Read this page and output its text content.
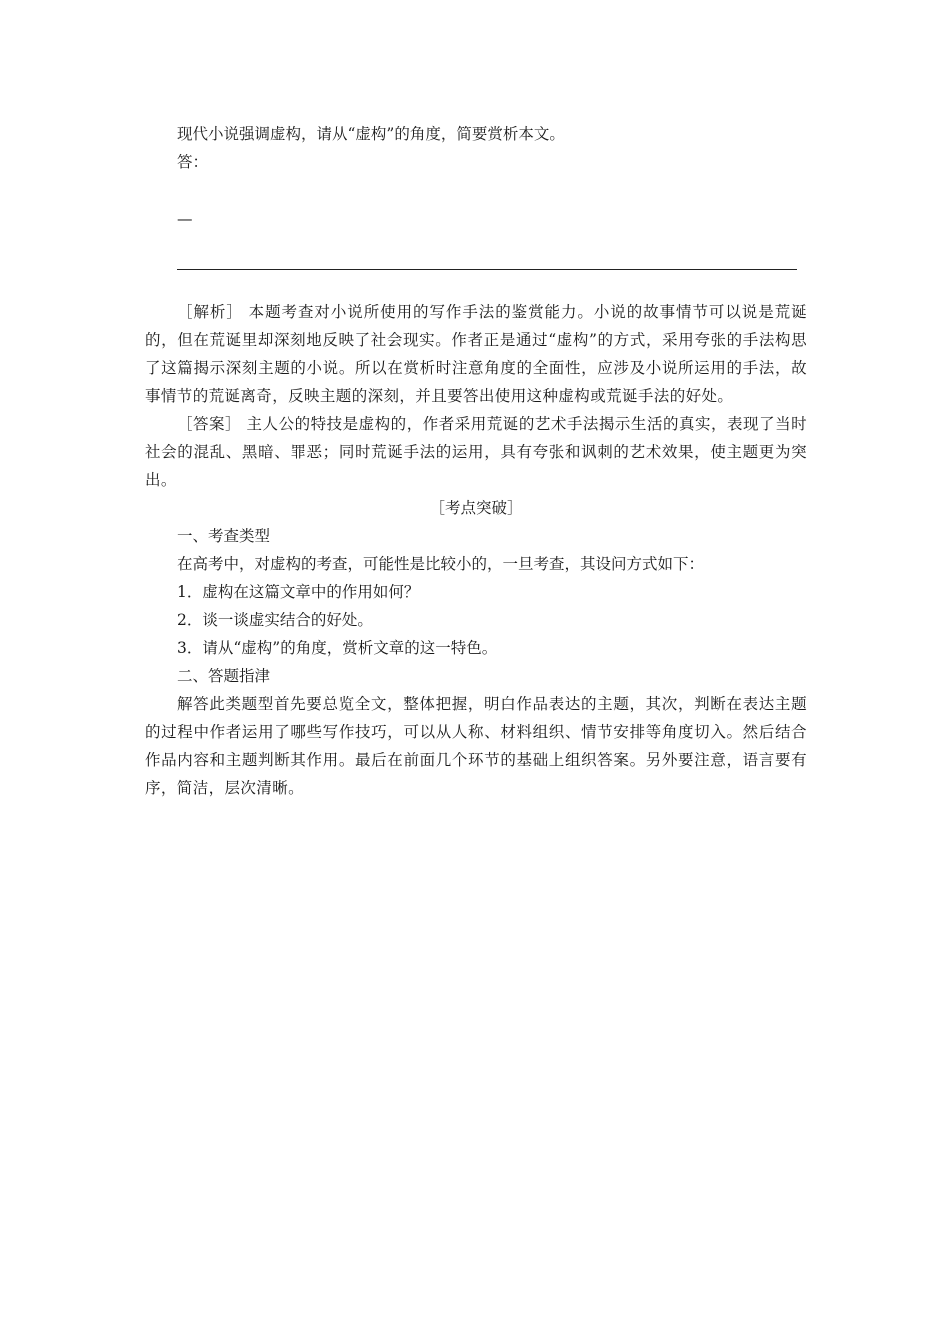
现代小说强调虚构，请从“虚构”的角度，简要赏析本文。
答：
—
［解析］ 本题考查对小说所使用的写作手法的鉴赏能力。小说的故事情节可以说是荒诞的，但在荒诞里却深刻地反映了社会现实。作者正是通过“虚构”的方式，采用夸张的手法构思了这篇揭示深刻主题的小说。所以在赏析时注意角度的全面性，应涉及小说所运用的手法，故事情节的荒诞离奇，反映主题的深刻，并且要答出使用这种虚构或荒诞手法的好处。
［答案］ 主人公的特技是虚构的，作者采用荒诞的艺术手法揭示生活的真实，表现了当时社会的混乱、黑暗、罪恶；同时荒诞手法的运用，具有夸张和讽刺的艺术效果，使主题更为突出。
［考点突破］
一、考查类型
在高考中，对虚构的考查，可能性是比较小的，一旦考查，其设问方式如下：
1．虚构在这篇文章中的作用如何？
2．谈一谈虚实结合的好处。
3．请从“虚构”的角度，赏析文章的这一特色。
二、答题指津
解答此类题型首先要总览全文，整体把握，明白作品表达的主题，其次，判断在表达主题的过程中作者运用了哪些写作技巧，可以从人称、材料组织、情节安排等角度切入。然后结合作品内容和主题判断其作用。最后在前面几个环节的基础上组织答案。另外要注意，语言要有序，简洁，层次清晰。
